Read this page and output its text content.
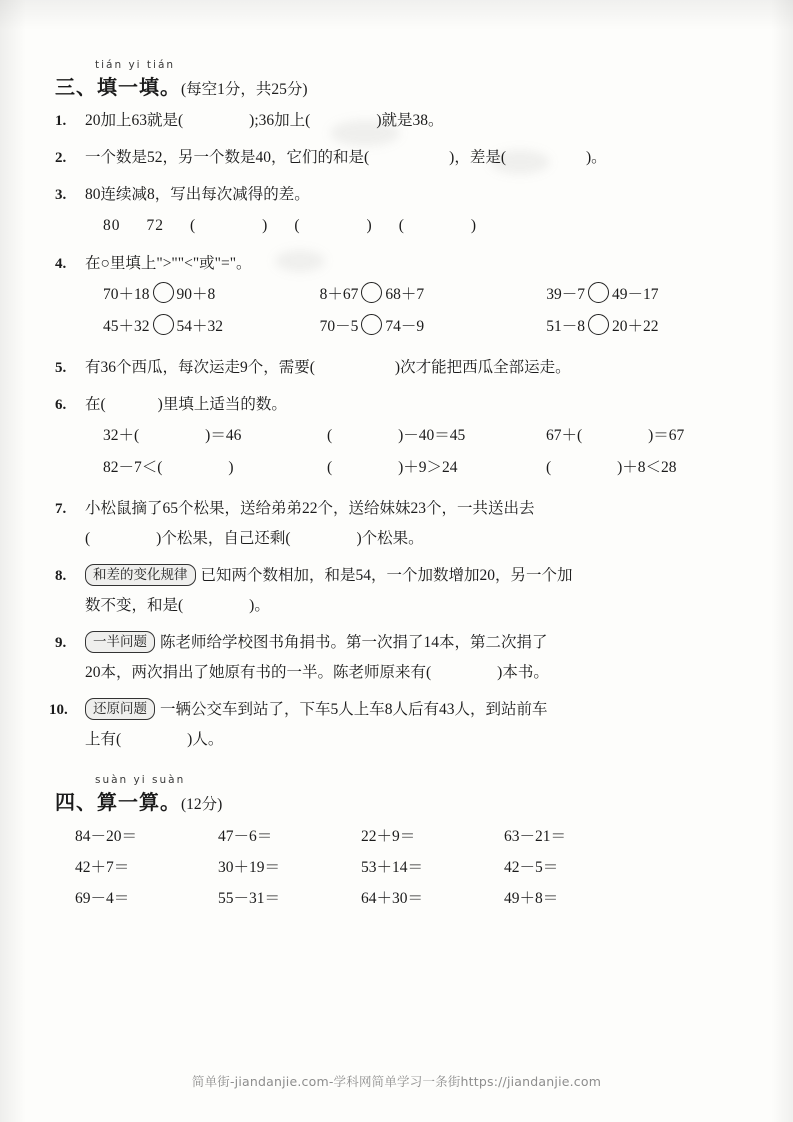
tián yi tián
三、填一填。(每空1分，共25分)
1. 20加上63就是(	);36加上(	)就是38。
2. 一个数是52，另一个数是40，它们的和是(	)，差是(	)。
3. 80连续减8，写出每次减得的差。
80 72 (	) (	) (	)
4. 在○里填上">""<"或"="。
70＋18 90＋8	8＋67 68＋7	39－7 49－17
45＋32 54＋32	70－5 74－9	51－8 20＋22
5. 有36个西瓜，每次运走9个，需要(	)次才能把西瓜全部运走。
6. 在(	)里填上适当的数。
32＋(	)＝46	(	)－40＝45	67＋(	)＝67
82－7＜(	)	(	)＋9＞24	(	)＋8＜28
7. 小松鼠摘了65个松果，送给弟弟22个，送给妹妹23个，一共送出去
(	)个松果，自己还剩(	)个松果。
8. 和差的变化规律 已知两个数相加，和是54，一个加数增加20，另一个加
数不变，和是(	)。
9. 一半问题 陈老师给学校图书角捐书。第一次捐了14本，第二次捐了
20本，两次捐出了她原有书的一半。陈老师原来有(	)本书。
10. 还原问题 一辆公交车到站了，下车5人上车8人后有43人，到站前车
上有(	)人。
suàn yi suàn
四、算一算。(12分)
84－20＝	47－6＝	22＋9＝	63－21＝
42＋7＝	30＋19＝	53＋14＝	42－5＝
69－4＝	55－31＝	64＋30＝	49＋8＝
简单街-jiandanjie.com-学科网简单学习一条街https://jiandanjie.com
